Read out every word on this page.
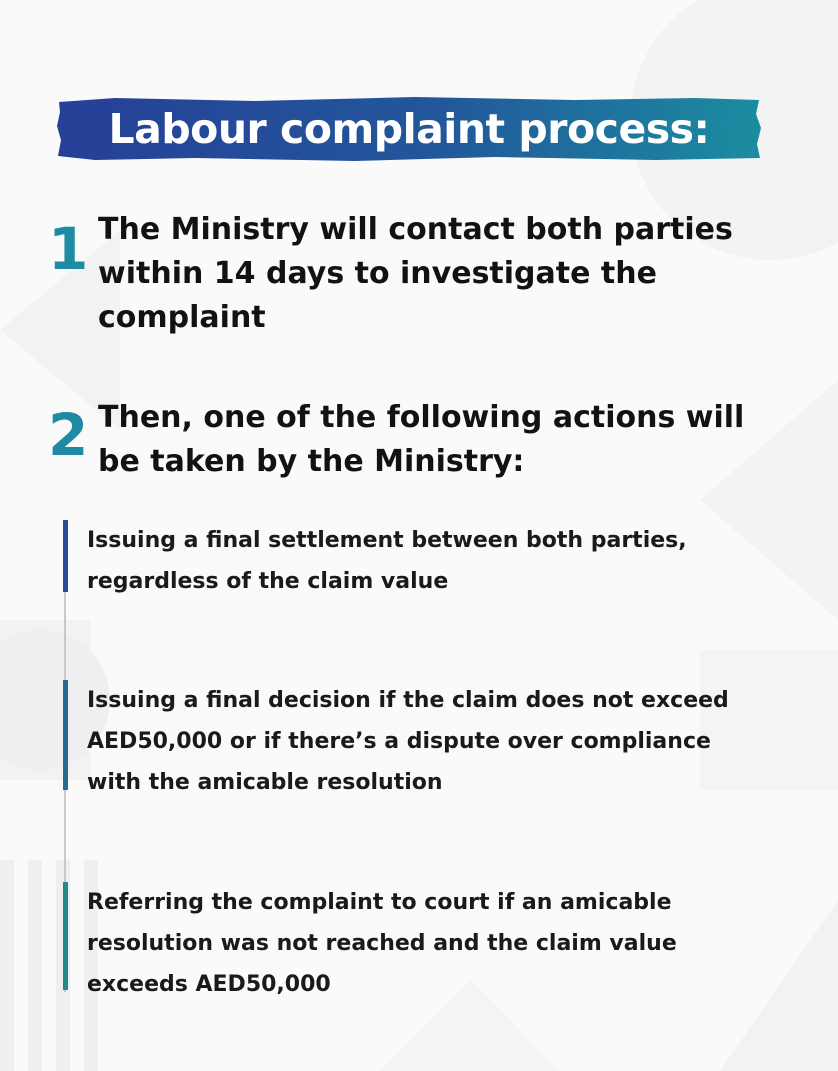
Labour complaint process:
1 The Ministry will contact both parties within 14 days to investigate the complaint
2 Then, one of the following actions will be taken by the Ministry:
Issuing a final settlement between both parties, regardless of the claim value
Issuing a final decision if the claim does not exceed AED50,000 or if there’s a dispute over compliance with the amicable resolution
Referring the complaint to court if an amicable resolution was not reached and the claim value exceeds AED50,000
